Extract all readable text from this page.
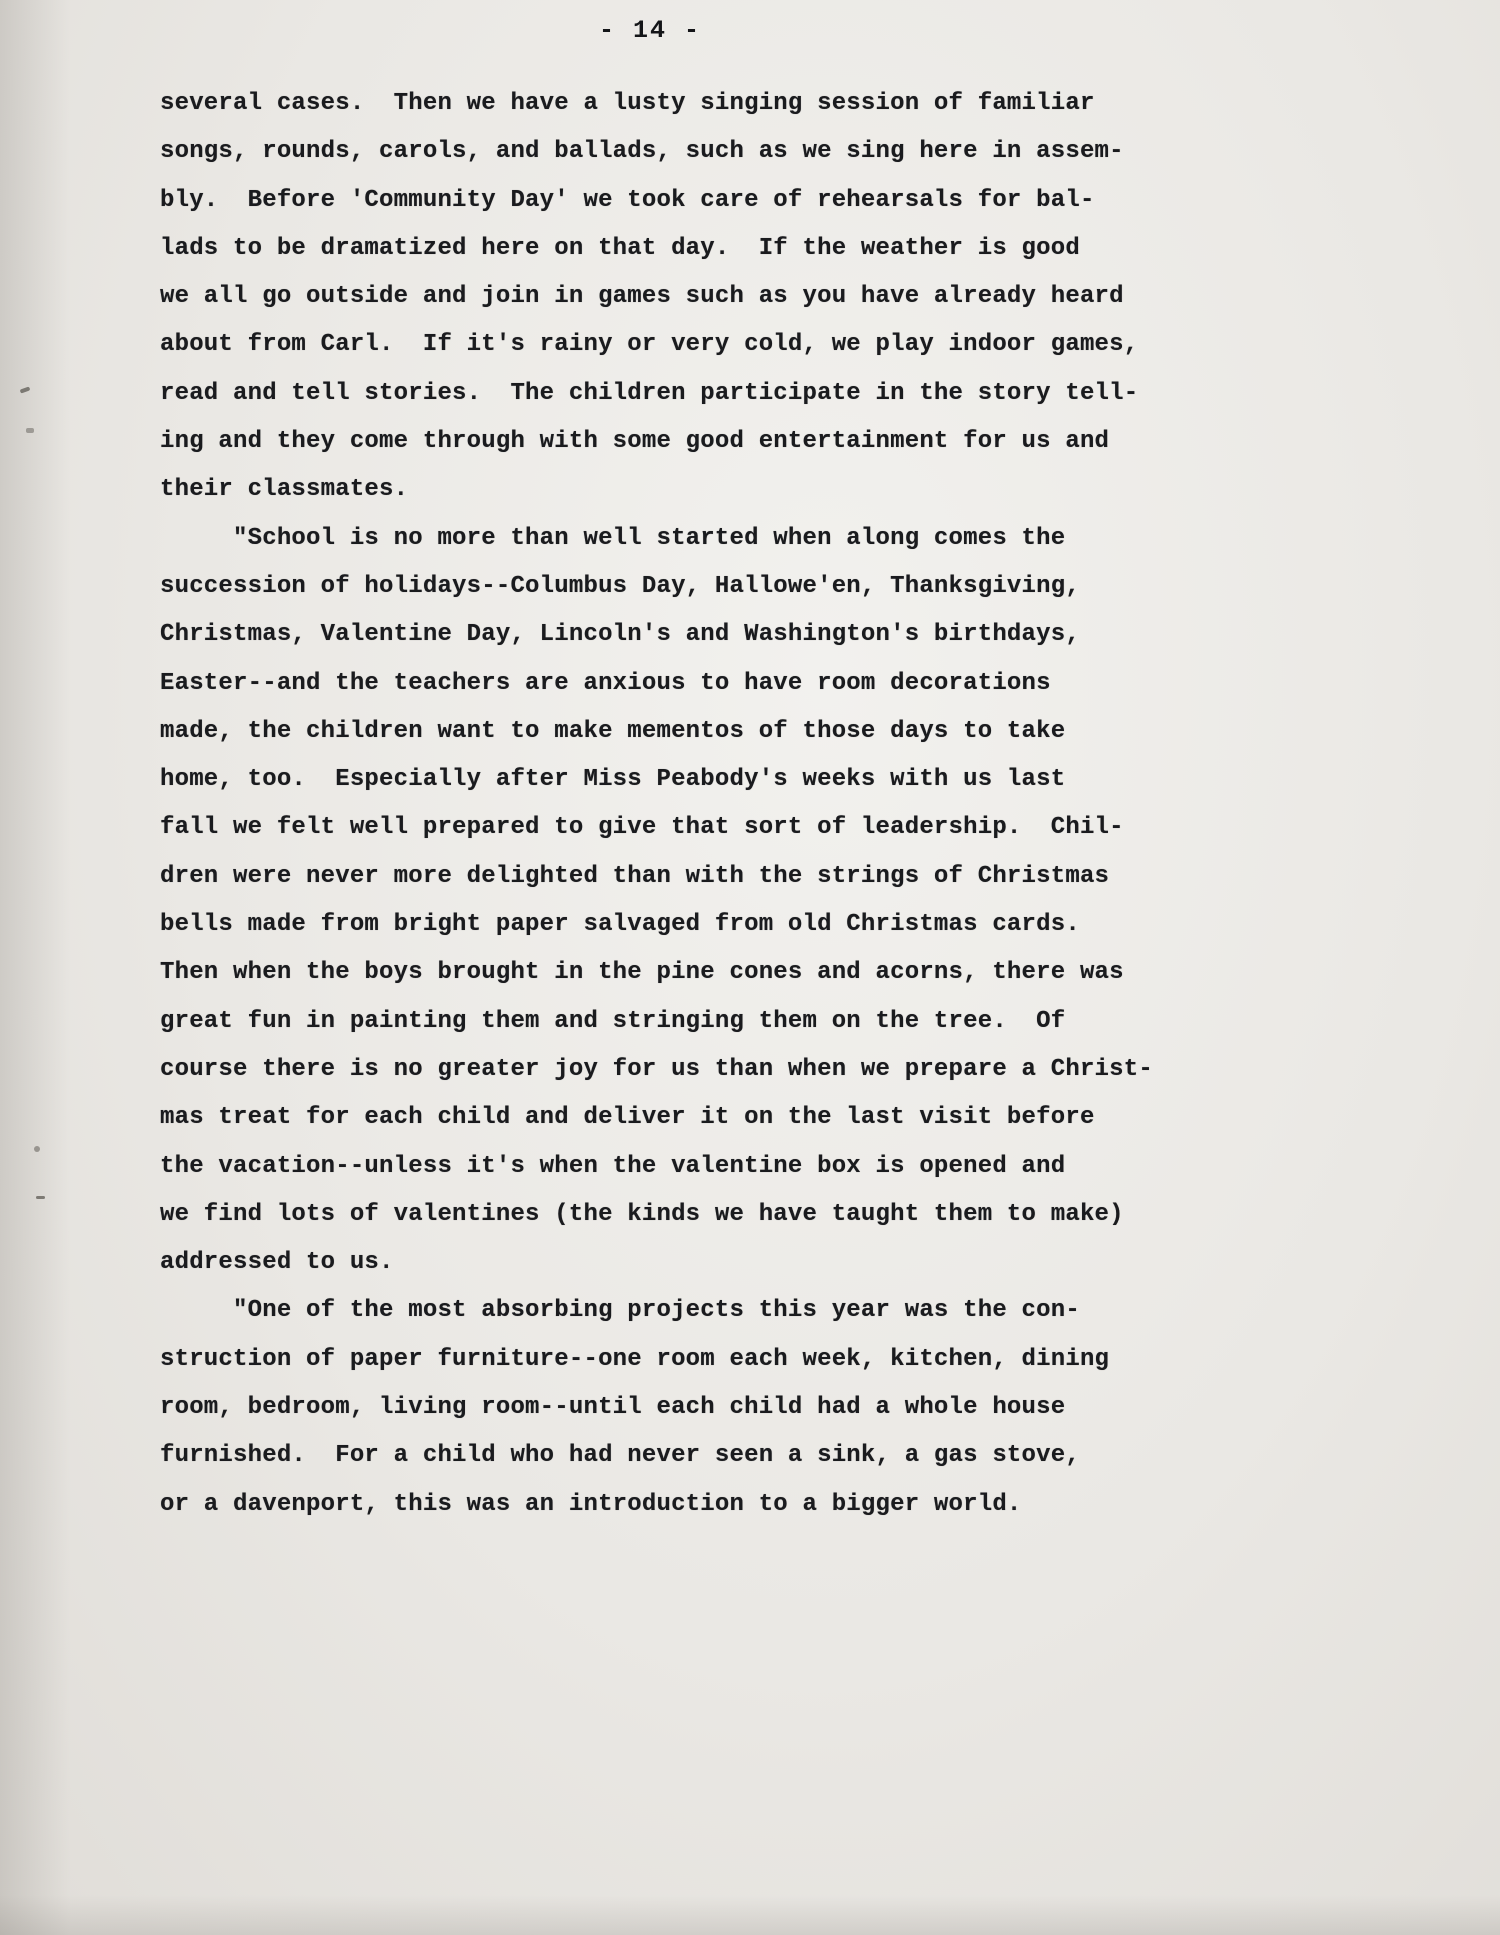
- 14 -
several cases.  Then we have a lusty singing session of familiar
songs, rounds, carols, and ballads, such as we sing here in assem-
bly.  Before 'Community Day' we took care of rehearsals for bal-
lads to be dramatized here on that day.  If the weather is good
we all go outside and join in games such as you have already heard
about from Carl.  If it's rainy or very cold, we play indoor games,
read and tell stories.  The children participate in the story tell-
ing and they come through with some good entertainment for us and
their classmates.
"School is no more than well started when along comes the
succession of holidays--Columbus Day, Hallowe'en, Thanksgiving,
Christmas, Valentine Day, Lincoln's and Washington's birthdays,
Easter--and the teachers are anxious to have room decorations
made, the children want to make mementos of those days to take
home, too.  Especially after Miss Peabody's weeks with us last
fall we felt well prepared to give that sort of leadership.  Chil-
dren were never more delighted than with the strings of Christmas
bells made from bright paper salvaged from old Christmas cards.
Then when the boys brought in the pine cones and acorns, there was
great fun in painting them and stringing them on the tree.  Of
course there is no greater joy for us than when we prepare a Christ-
mas treat for each child and deliver it on the last visit before
the vacation--unless it's when the valentine box is opened and
we find lots of valentines (the kinds we have taught them to make)
addressed to us.
"One of the most absorbing projects this year was the con-
struction of paper furniture--one room each week, kitchen, dining
room, bedroom, living room--until each child had a whole house
furnished.  For a child who had never seen a sink, a gas stove,
or a davenport, this was an introduction to a bigger world.
